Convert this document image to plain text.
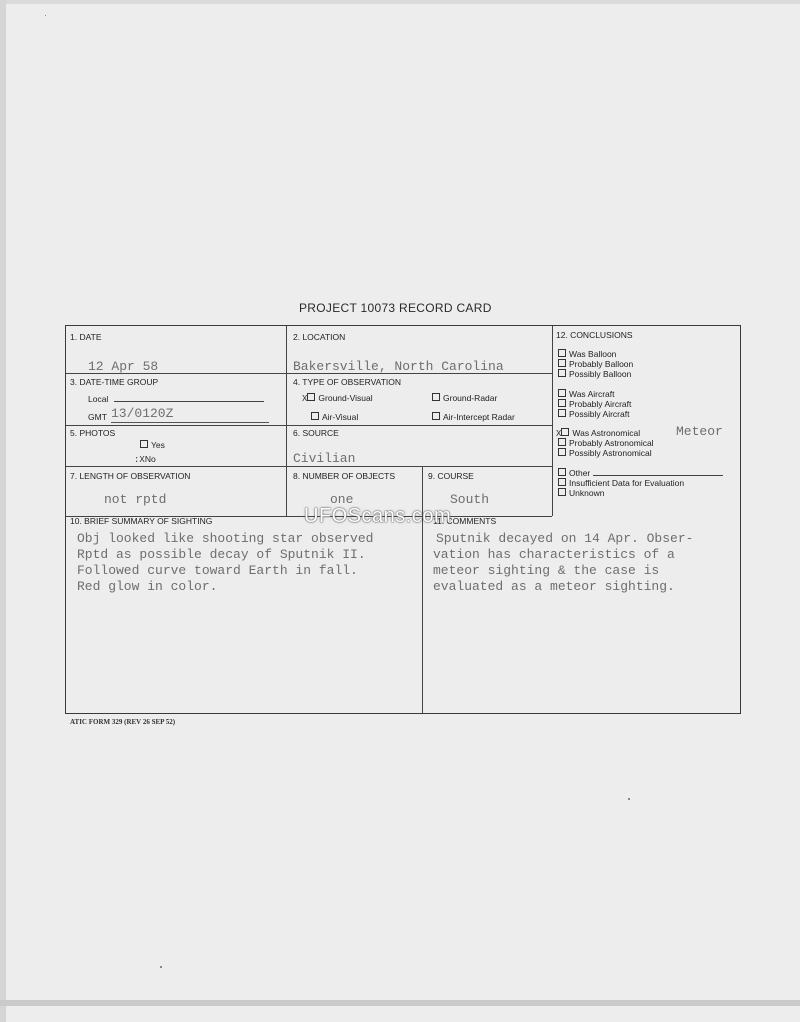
PROJECT 10073 RECORD CARD
1. DATE
12 Apr 58
2. LOCATION
Bakersville, North Carolina
3. DATE-TIME GROUP
Local
GMT 13/0120Z
4. TYPE OF OBSERVATION
X Ground-Visual	Ground-Radar
Air-Visual	Air-Intercept Radar
5. PHOTOS
Yes
:XNo
6. SOURCE
Civilian
7. LENGTH OF OBSERVATION
not rptd
8. NUMBER OF OBJECTS
one
9. COURSE
South
10. BRIEF SUMMARY OF SIGHTING
Obj looked like shooting star observed
Rptd as possible decay of Sputnik II.
Followed curve toward Earth in fall.
Red glow in color.
11. COMMENTS
Sputnik decayed on 14 Apr. Obser-
vation has characteristics of a
meteor sighting & the case is
evaluated as a meteor sighting.
12. CONCLUSIONS
Was Balloon
Probably Balloon
Possibly Balloon
Was Aircraft
Probably Aircraft
Possibly Aircraft
X Was Astronomical	Meteor
Probably Astronomical
Possibly Astronomical
Other
Insufficient Data for Evaluation
Unknown
UFOScans.com
ATIC FORM 329 (REV 26 SEP 52)
